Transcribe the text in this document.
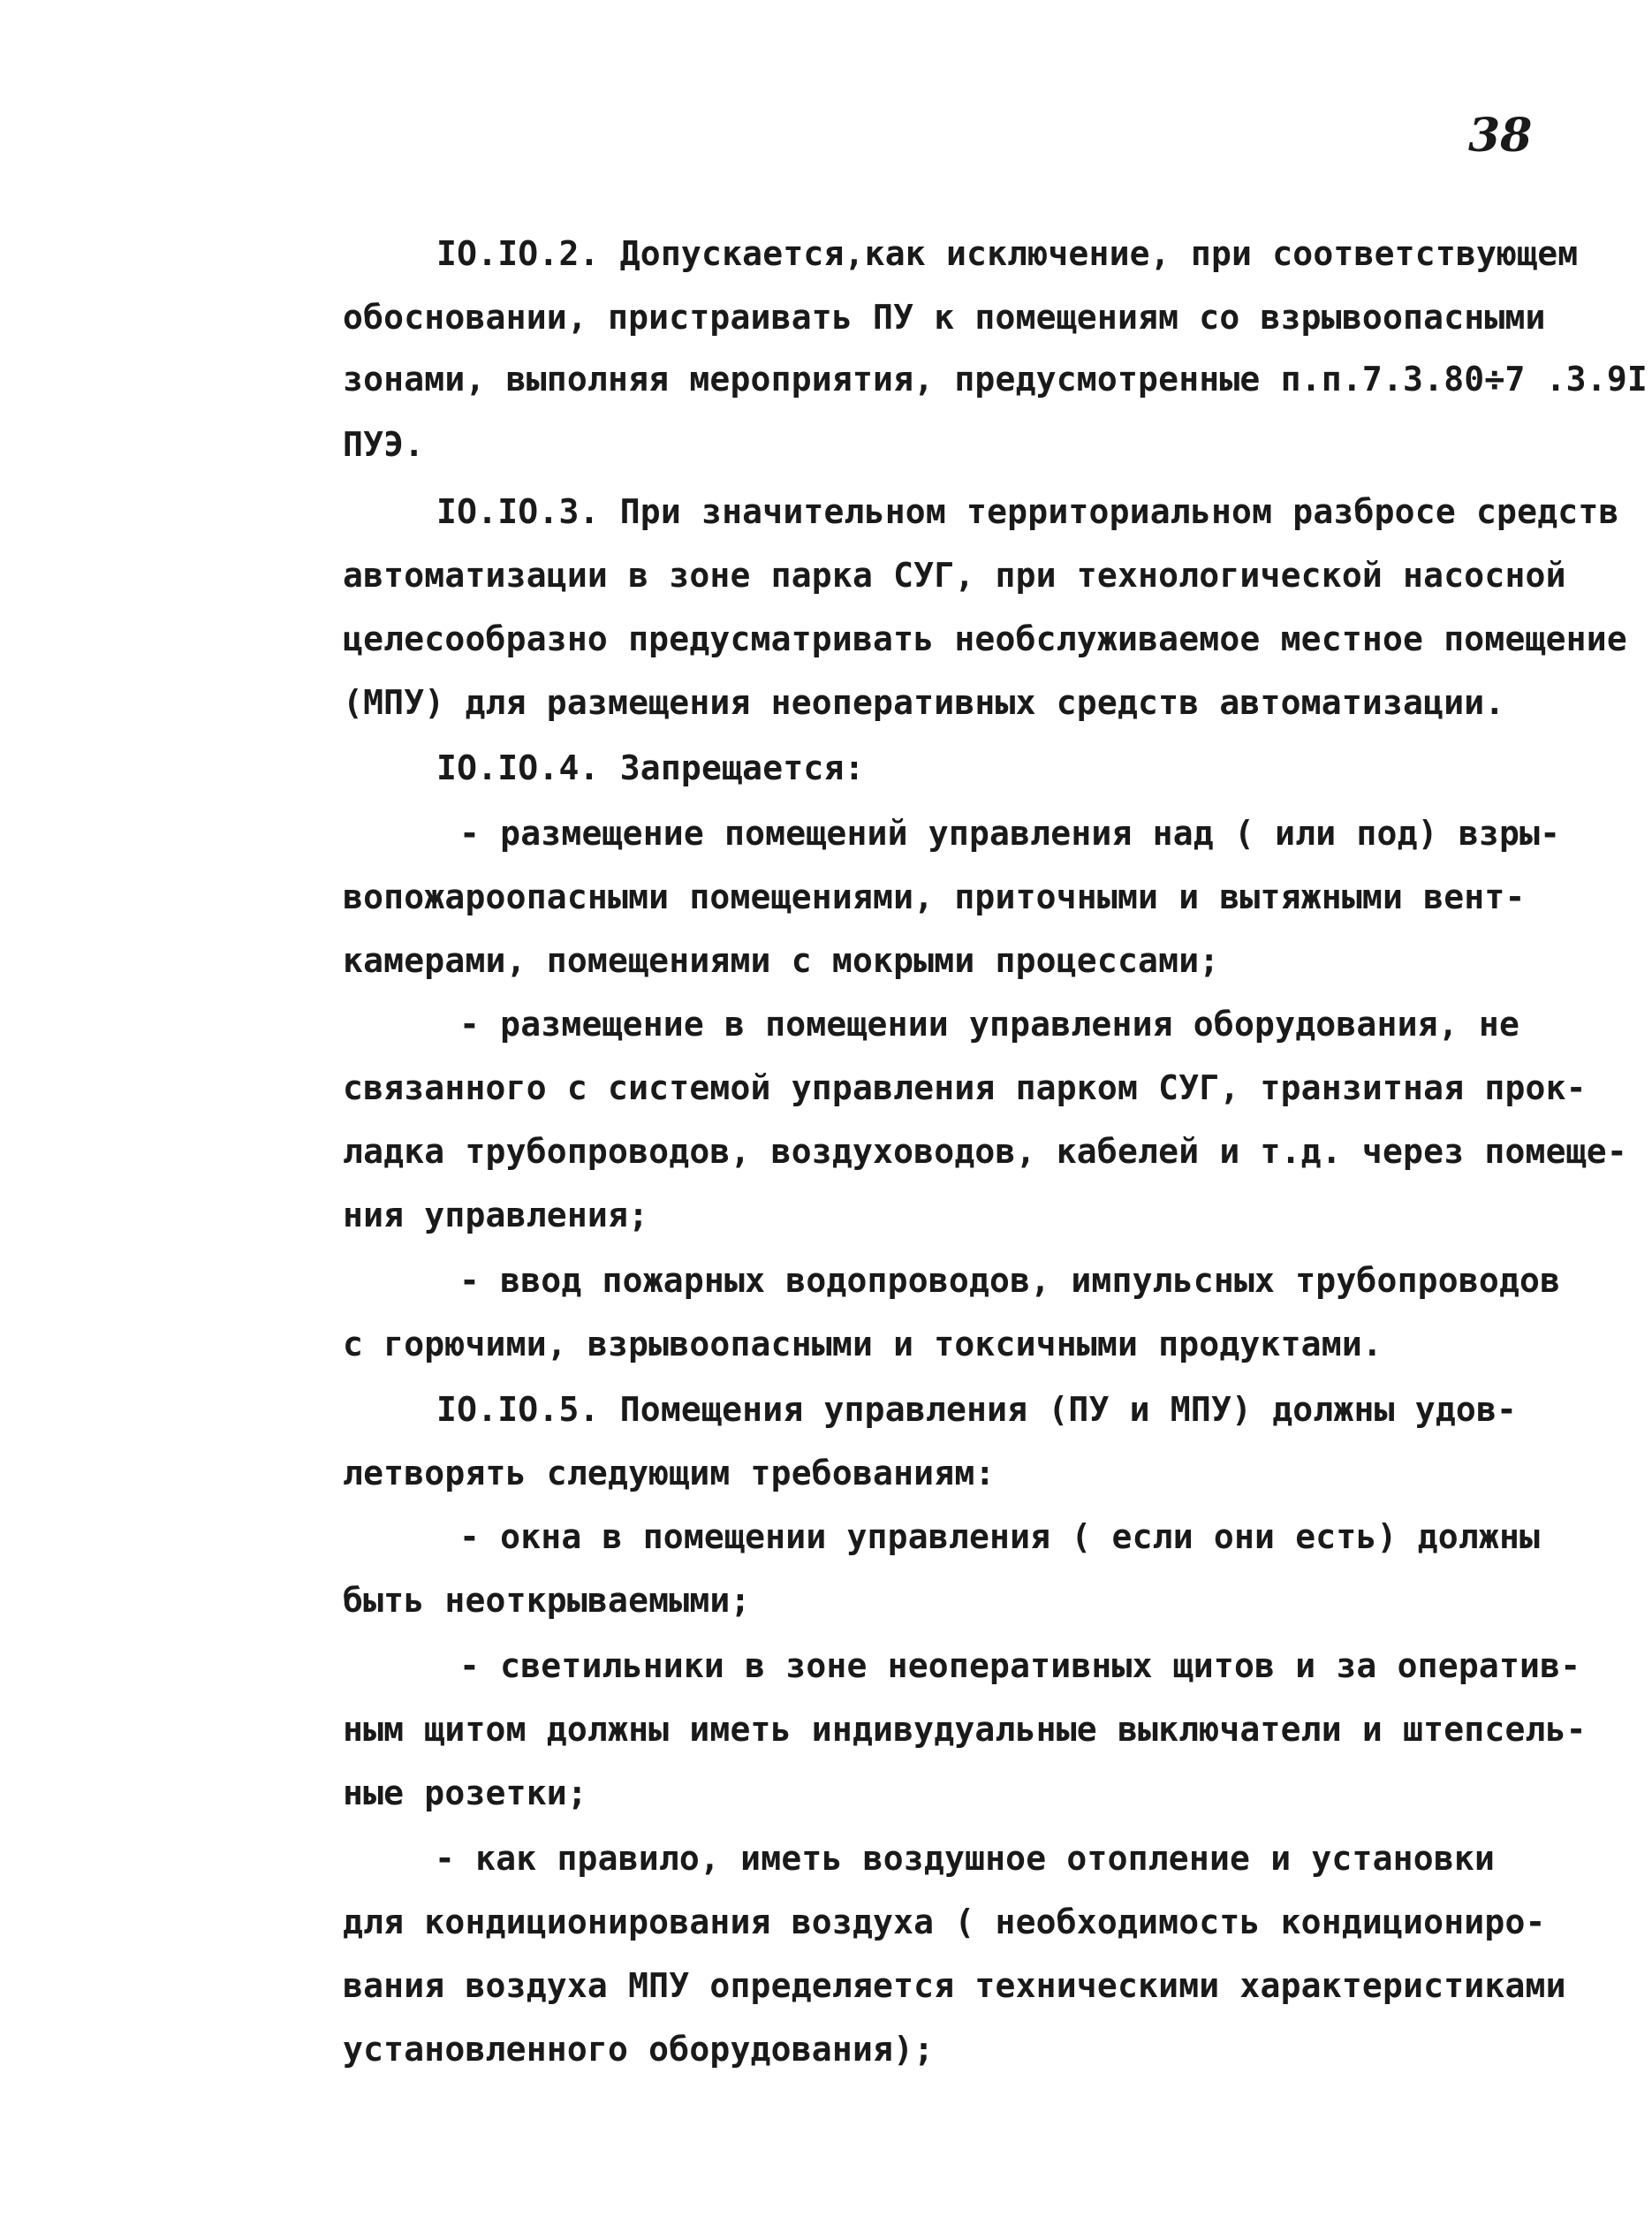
38
IO.IO.2. Допускается,как исключение, при соответствующем
обосновании, пристраивать ПУ к помещениям со взрывоопасными
зонами, выполняя мероприятия, предусмотренные п.п.7.3.80÷7 .3.9I
ПУЭ.
IO.IO.3. При значительном территориальном разбросе средств
автоматизации в зоне парка СУГ, при технологической насосной
целесообразно предусматривать необслуживаемое местное помещение
(МПУ) для размещения неоперативных средств автоматизации.
IO.IO.4. Запрещается:
- размещение помещений управления над ( или под) взры-
вопожароопасными помещениями, приточными и вытяжными вент-
камерами, помещениями с мокрыми процессами;
- размещение в помещении управления оборудования, не
связанного с системой управления парком СУГ, транзитная прок-
ладка трубопроводов, воздуховодов, кабелей и т.д. через помеще-
ния управления;
- ввод пожарных водопроводов, импульсных трубопроводов
с горючими, взрывоопасными и токсичными продуктами.
IO.IO.5. Помещения управления (ПУ и МПУ) должны удов-
летворять следующим требованиям:
- окна в помещении управления ( если они есть) должны
быть неоткрываемыми;
- светильники в зоне неоперативных щитов и за оператив-
ным щитом должны иметь индивудуальные выключатели и штепсель-
ные розетки;
- как правило, иметь воздушное отопление и установки
для кондиционирования воздуха ( необходимость кондициониро-
вания воздуха МПУ определяется техническими характеристиками
установленного оборудования);
